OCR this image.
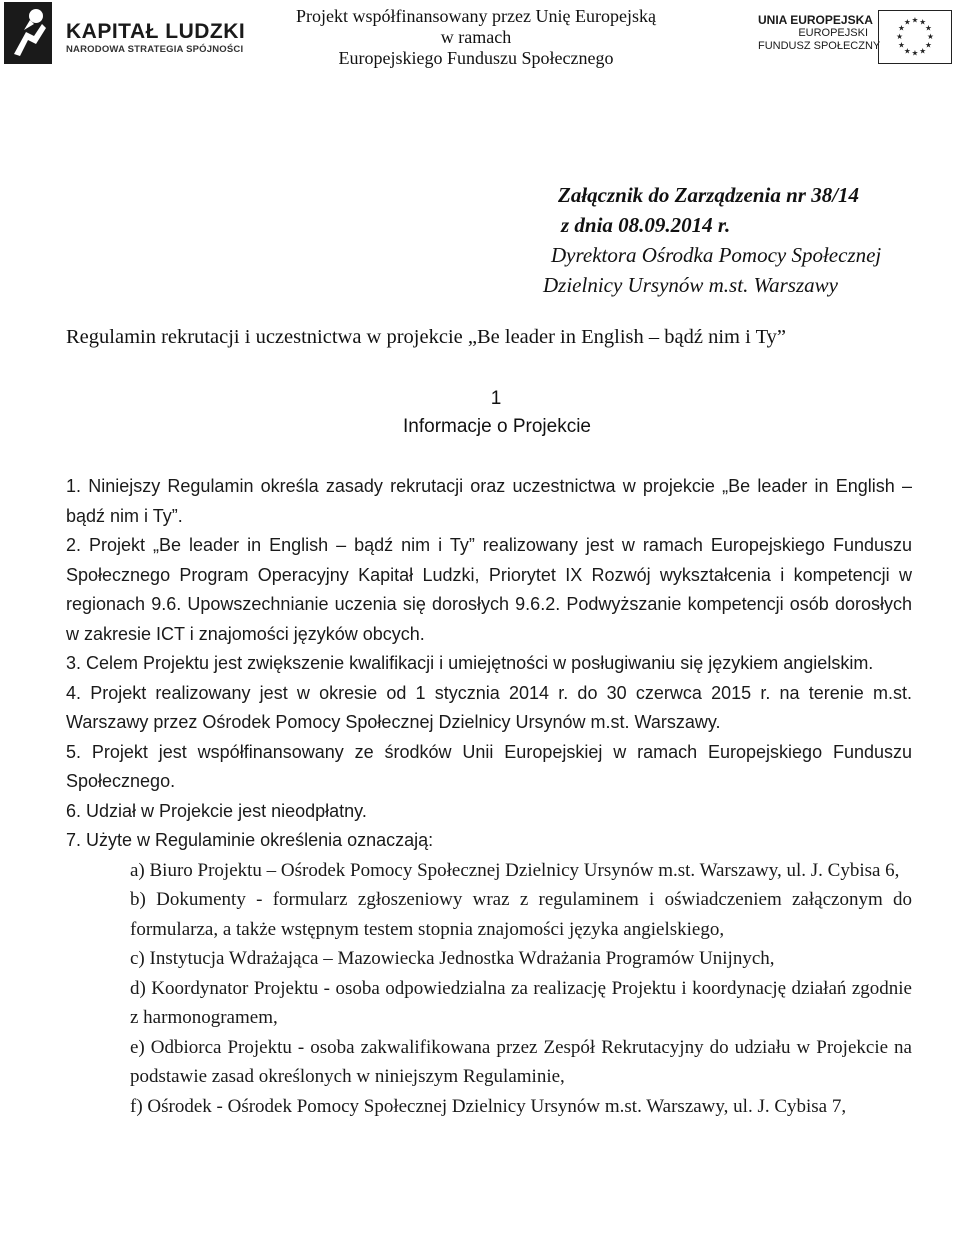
KAPITAŁ LUDZKI
NARODOWA STRATEGIA SPÓJNOŚCI
Projekt współfinansowany przez Unię Europejską
w ramach
Europejskiego Funduszu Społecznego
UNIA EUROPEJSKA
EUROPEJSKI
FUNDUSZ SPOŁECZNY
★ ★
★
★
★
★
★
★
★
★
★
★
Załącznik do Zarządzenia nr 38/14
z dnia 08.09.2014 r.
Dyrektora Ośrodka Pomocy Społecznej
Dzielnicy Ursynów m.st. Warszawy
Regulamin rekrutacji i uczestnictwa w projekcie „Be leader in English – bądź nim i Ty”
1
Informacje o Projekcie
1. Niniejszy Regulamin określa zasady rekrutacji oraz uczestnictwa w projekcie „Be leader in English – bądź nim i Ty”.
2. Projekt „Be leader in English – bądź nim i Ty” realizowany jest w ramach Europejskiego Funduszu Społecznego Program Operacyjny Kapitał Ludzki, Priorytet IX Rozwój wykształcenia i kompetencji w regionach 9.6. Upowszechnianie uczenia się dorosłych 9.6.2. Podwyższanie kompetencji osób dorosłych w zakresie ICT i znajomości języków obcych.
3. Celem Projektu jest zwiększenie kwalifikacji i umiejętności w posługiwaniu się językiem angielskim.
4. Projekt realizowany jest w okresie od 1 stycznia 2014 r. do 30 czerwca 2015 r. na terenie m.st. Warszawy przez Ośrodek Pomocy Społecznej Dzielnicy Ursynów m.st. Warszawy.
5. Projekt jest współfinansowany ze środków Unii Europejskiej w ramach Europejskiego Funduszu Społecznego.
6. Udział w Projekcie jest nieodpłatny.
7. Użyte w Regulaminie określenia oznaczają:
a) Biuro Projektu – Ośrodek Pomocy Społecznej Dzielnicy Ursynów m.st. Warszawy, ul. J. Cybisa 6,
b) Dokumenty - formularz zgłoszeniowy wraz z regulaminem i oświadczeniem załączonym do formularza, a także wstępnym testem stopnia znajomości języka angielskiego,
c) Instytucja Wdrażająca – Mazowiecka Jednostka Wdrażania Programów Unijnych,
d) Koordynator Projektu - osoba odpowiedzialna za realizację Projektu i koordynację działań zgodnie z harmonogramem,
e) Odbiorca Projektu - osoba zakwalifikowana przez Zespół Rekrutacyjny do udziału w Projekcie na podstawie zasad określonych w niniejszym Regulaminie,
f) Ośrodek - Ośrodek Pomocy Społecznej Dzielnicy Ursynów m.st. Warszawy, ul. J. Cybisa 7,
